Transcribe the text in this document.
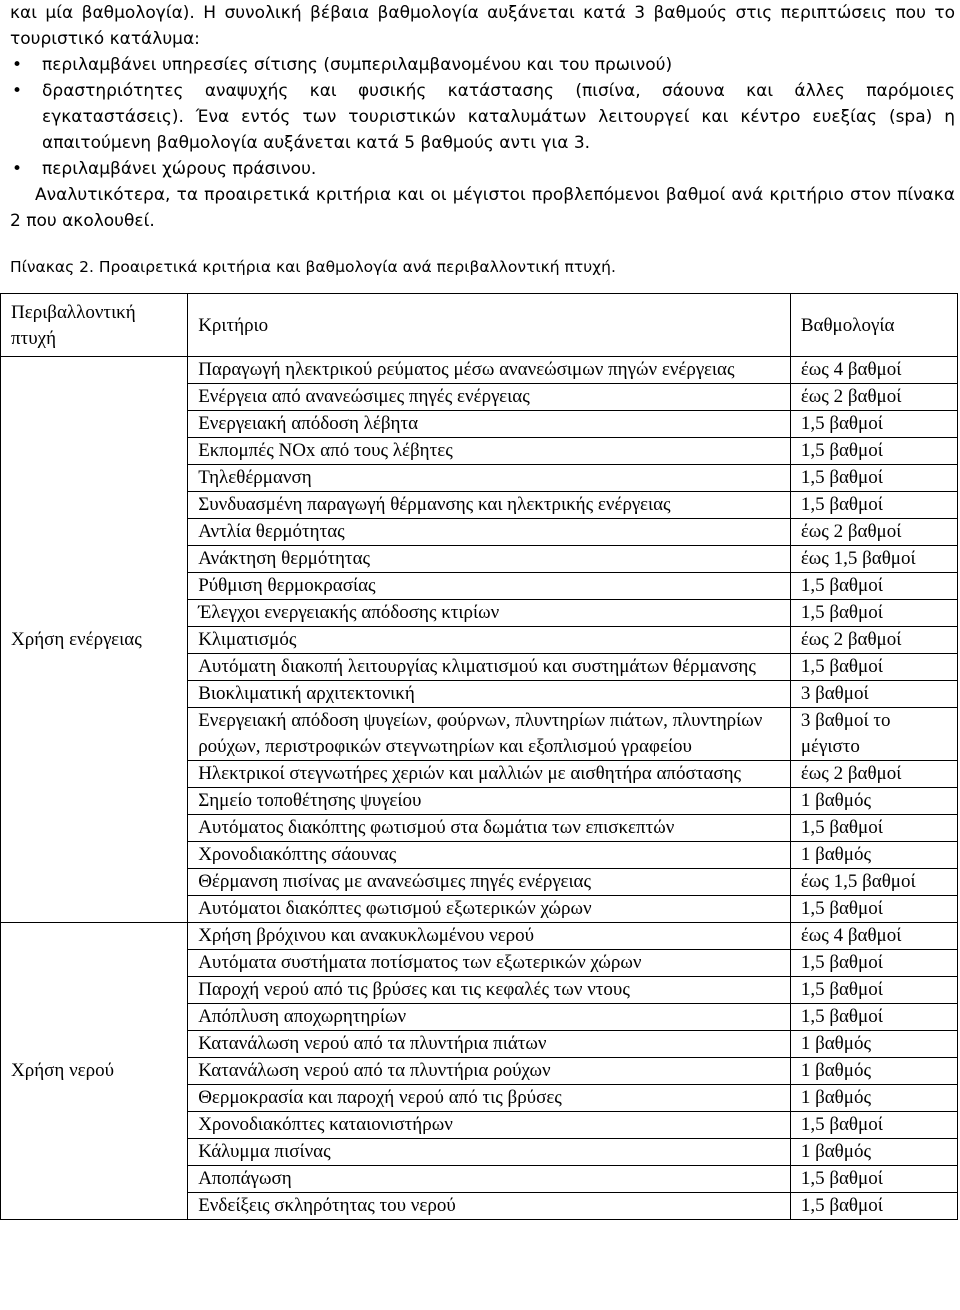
και μία βαθμολογία). Η συνολική βέβαια βαθμολογία αυξάνεται κατά 3 βαθμούς στις περιπτώσεις που το τουριστικό κατάλυμα:

• περιλαμβάνει υπηρεσίες σίτισης (συμπεριλαμβανομένου και του πρωινού)
• δραστηριότητες αναψυχής και φυσικής κατάστασης (πισίνα, σάουνα και άλλες παρόμοιες εγκαταστάσεις). Ένα εντός των τουριστικών καταλυμάτων λειτουργεί και κέντρο ευεξίας (spa) η απαιτούμενη βαθμολογία αυξάνεται κατά 5 βαθμούς αντι για 3.
• περιλαμβάνει χώρους πράσινου.

Αναλυτικότερα, τα προαιρετικά κριτήρια και οι μέγιστοι προβλεπόμενοι βαθμοί ανά κριτήριο στον πίνακα 2 που ακολουθεί.

Πίνακας 2. Προαιρετικά κριτήρια και βαθμολογία ανά περιβαλλοντική πτυχή.
Περιβαλλοντική πτυχή	Κριτήριο	Βαθμολογία
Χρήση ενέργειας	Παραγωγή ηλεκτρικού ρεύματος μέσω ανανεώσιμων πηγών ενέργειας	έως 4 βαθμοί
	Ενέργεια από ανανεώσιμες πηγές ενέργειας	έως 2 βαθμοί
	Ενεργειακή απόδοση λέβητα	1,5 βαθμοί
	Εκπομπές NOx από τους λέβητες	1,5 βαθμοί
	Τηλεθέρμανση	1,5 βαθμοί
	Συνδυασμένη παραγωγή θέρμανσης και ηλεκτρικής ενέργειας	1,5 βαθμοί
	Αντλία θερμότητας	έως 2 βαθμοί
	Ανάκτηση θερμότητας	έως 1,5 βαθμοί
	Ρύθμιση θερμοκρασίας	1,5 βαθμοί
	Έλεγχοι ενεργειακής απόδοσης κτιρίων	1,5 βαθμοί
	Κλιματισμός	έως 2 βαθμοί
	Αυτόματη διακοπή λειτουργίας κλιματισμού και συστημάτων θέρμανσης	1,5 βαθμοί
	Βιοκλιματική αρχιτεκτονική	3 βαθμοί
	Ενεργειακή απόδοση ψυγείων, φούρνων, πλυντηρίων πιάτων, πλυντηρίων ρούχων, περιστροφικών στεγνωτηρίων και εξοπλισμού γραφείου	3 βαθμοί το μέγιστο
	Ηλεκτρικοί στεγνωτήρες χεριών και μαλλιών με αισθητήρα απόστασης	έως 2 βαθμοί
	Σημείο τοποθέτησης ψυγείου	1 βαθμός
	Αυτόματος διακόπτης φωτισμού στα δωμάτια των επισκεπτών	1,5 βαθμοί
	Χρονοδιακόπτης σάουνας	1 βαθμός
	Θέρμανση πισίνας με ανανεώσιμες πηγές ενέργειας	έως 1,5 βαθμοί
	Αυτόματοι διακόπτες φωτισμού εξωτερικών χώρων	1,5 βαθμοί
Χρήση νερού	Χρήση βρόχινου και ανακυκλωμένου νερού	έως 4 βαθμοί
	Αυτόματα συστήματα ποτίσματος των εξωτερικών χώρων	1,5 βαθμοί
	Παροχή νερού από τις βρύσες και τις κεφαλές των ντους	1,5 βαθμοί
	Απόπλυση αποχωρητηρίων	1,5 βαθμοί
	Κατανάλωση νερού από τα πλυντήρια πιάτων	1 βαθμός
	Κατανάλωση νερού από τα πλυντήρια ρούχων	1 βαθμός
	Θερμοκρασία και παροχή νερού από τις βρύσες	1 βαθμός
	Χρονοδιακόπτες καταιονιστήρων	1,5 βαθμοί
	Κάλυμμα πισίνας	1 βαθμός
	Αποπάγωση	1,5 βαθμοί
	Ενδείξεις σκληρότητας του νερού	1,5 βαθμοί
